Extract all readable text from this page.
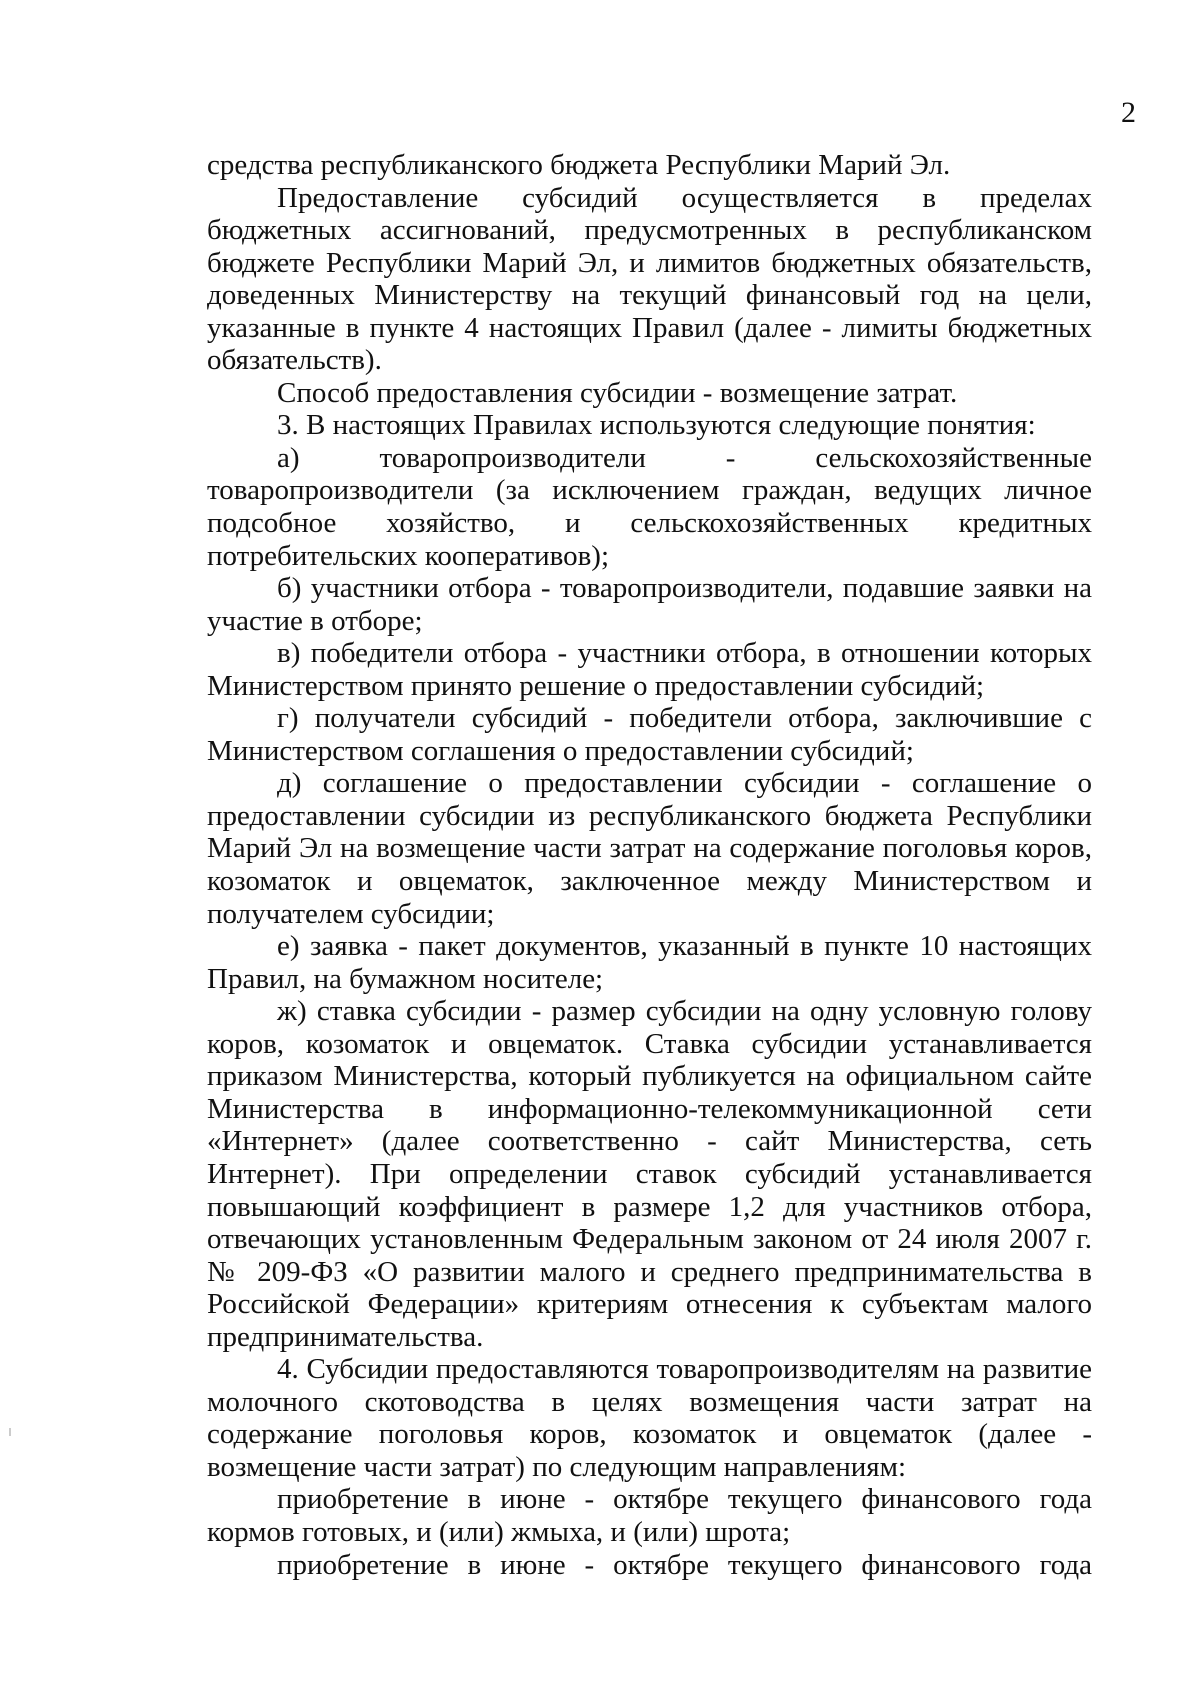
2

средства республиканского бюджета Республики Марий Эл.

Предоставление субсидий осуществляется в пределах бюджетных ассигнований, предусмотренных в республиканском бюджете Республики Марий Эл, и лимитов бюджетных обязательств, доведенных Министерству на текущий финансовый год на цели, указанные в пункте 4 настоящих Правил (далее - лимиты бюджетных обязательств).

Способ предоставления субсидии - возмещение затрат.

3. В настоящих Правилах используются следующие понятия:

а) товаропроизводители - сельскохозяйственные товаропроизводители (за исключением граждан, ведущих личное подсобное хозяйство, и сельскохозяйственных кредитных потребительских кооперативов);

б) участники отбора - товаропроизводители, подавшие заявки на участие в отборе;

в) победители отбора - участники отбора, в отношении которых Министерством принято решение о предоставлении субсидий;

г) получатели субсидий - победители отбора, заключившие с Министерством соглашения о предоставлении субсидий;

д) соглашение о предоставлении субсидии - соглашение о предоставлении субсидии из республиканского бюджета Республики Марий Эл на возмещение части затрат на содержание поголовья коров, козоматок и овцематок, заключенное между Министерством и получателем субсидии;

е) заявка - пакет документов, указанный в пункте 10 настоящих Правил, на бумажном носителе;

ж) ставка субсидии - размер субсидии на одну условную голову коров, козоматок и овцематок. Ставка субсидии устанавливается приказом Министерства, который публикуется на официальном сайте Министерства в информационно-телекоммуникационной сети «Интернет» (далее соответственно - сайт Министерства, сеть Интернет). При определении ставок субсидий устанавливается повышающий коэффициент в размере 1,2 для участников отбора, отвечающих установленным Федеральным законом от 24 июля 2007 г. № 209-ФЗ «О развитии малого и среднего предпринимательства в Российской Федерации» критериям отнесения к субъектам малого предпринимательства.

4. Субсидии предоставляются товаропроизводителям на развитие молочного скотоводства в целях возмещения части затрат на содержание поголовья коров, козоматок и овцематок (далее - возмещение части затрат) по следующим направлениям:

приобретение в июне - октябре текущего финансового года кормов готовых, и (или) жмыха, и (или) шрота;

приобретение в июне - октябре текущего финансового года
